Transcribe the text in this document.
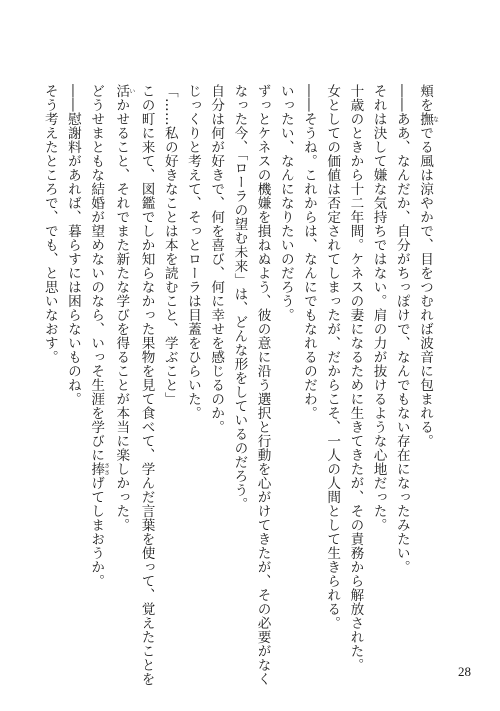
頬を撫なでる風は涼やかで、目をつむれば波音に包まれる。

――ああ、なんだか、自分がちっぽけで、なんでもない存在になったみたい。

それは決して嫌な気持ちではない。肩の力が抜けるような心地だった。

十歳のときから十二年間。ケネスの妻になるために生きてきたが、その責務から解放された。

女としての価値は否定されてしまったが、だからこそ、一人の人間として生きられる。

――そうね。これからは、なんにでもなれるのだわ。

いったい、なんになりたいのだろう。

ずっとケネスの機嫌を損ねぬよう、彼の意に沿う選択と行動を心がけてきたが、その必要がなく

なった今、「ローラの望む未来」は、どんな形をしているのだろう。

自分は何が好きで、何を喜び、何に幸せを感じるのか。

じっくりと考えて、そっとローラは目蓋をひらいた。

「……私の好きなことは本を読むこと、学ぶこと」

この町に来て、図鑑でしか知らなかった果物を見て食べて、学んだ言葉を使って、覚えたことを

活いかせること、それでまた新たな学びを得ることが本当に楽しかった。

どうせまともな結婚が望めないのなら、いっそ生涯を学びに捧ささげてしまおうか。

――慰謝料があれば、暮らすには困らないものね。

そう考えたところで、でも、と思いなおす。

28
